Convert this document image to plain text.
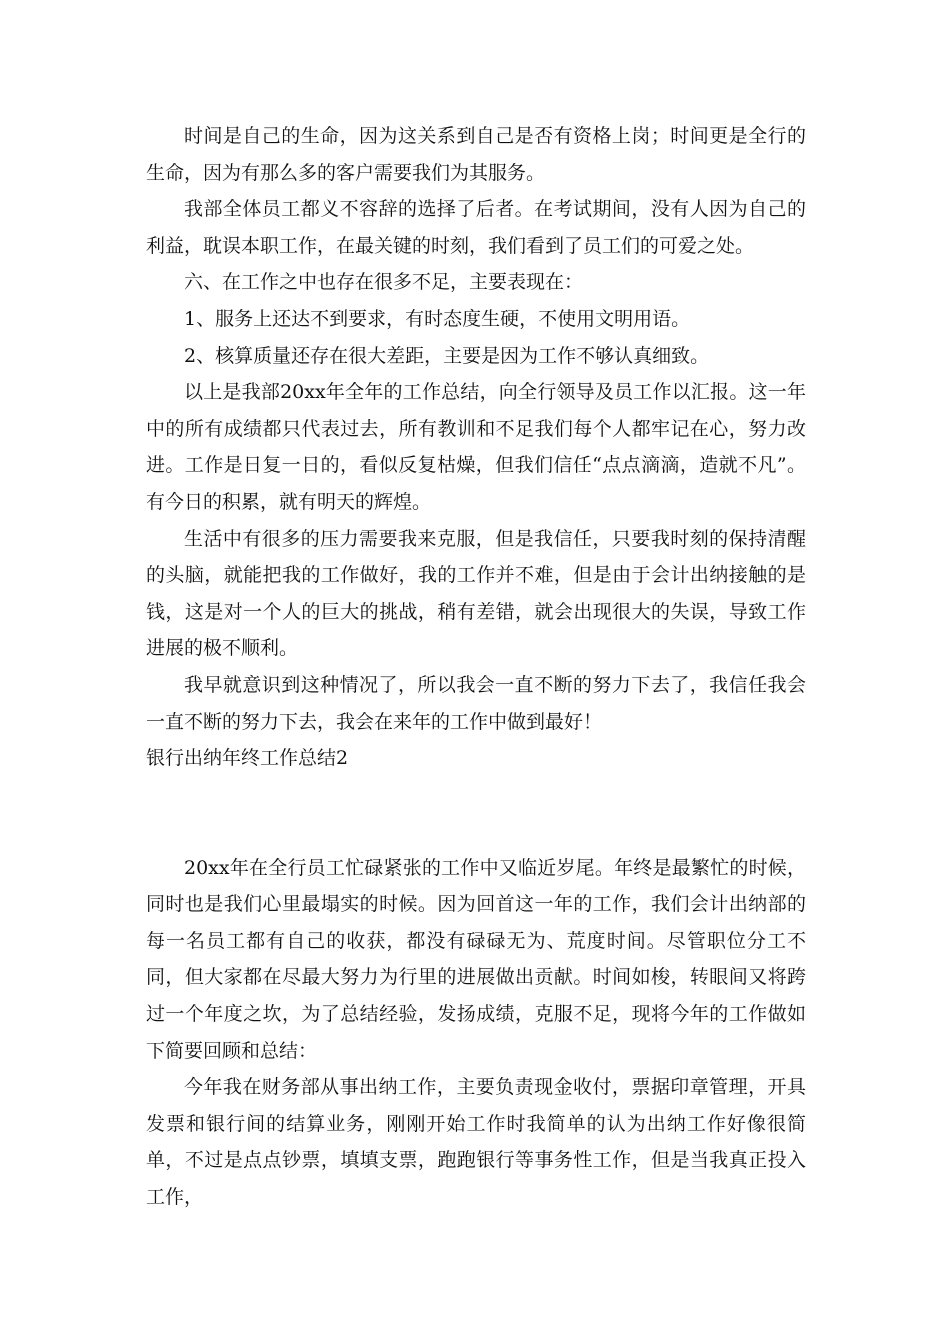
时间是自己的生命，因为这关系到自己是否有资格上岗；时间更是全行的生命，因为有那么多的客户需要我们为其服务。

我部全体员工都义不容辞的选择了后者。在考试期间，没有人因为自己的利益，耽误本职工作，在最关键的时刻，我们看到了员工们的可爱之处。

六、在工作之中也存在很多不足，主要表现在：

1、服务上还达不到要求，有时态度生硬，不使用文明用语。

2、核算质量还存在很大差距，主要是因为工作不够认真细致。

以上是我部20xx年全年的工作总结，向全行领导及员工作以汇报。这一年中的所有成绩都只代表过去，所有教训和不足我们每个人都牢记在心，努力改进。工作是日复一日的，看似反复枯燥，但我们信任“点点滴滴，造就不凡”。有今日的积累，就有明天的辉煌。

生活中有很多的压力需要我来克服，但是我信任，只要我时刻的保持清醒的头脑，就能把我的工作做好，我的工作并不难，但是由于会计出纳接触的是钱，这是对一个人的巨大的挑战，稍有差错，就会出现很大的失误，导致工作进展的极不顺利。

我早就意识到这种情况了，所以我会一直不断的努力下去了，我信任我会一直不断的努力下去，我会在来年的工作中做到最好！

银行出纳年终工作总结2

20xx年在全行员工忙碌紧张的工作中又临近岁尾。年终是最繁忙的时候，同时也是我们心里最塌实的时候。因为回首这一年的工作，我们会计出纳部的每一名员工都有自己的收获，都没有碌碌无为、荒度时间。尽管职位分工不同，但大家都在尽最大努力为行里的进展做出贡献。时间如梭，转眼间又将跨过一个年度之坎，为了总结经验，发扬成绩，克服不足，现将今年的工作做如下简要回顾和总结：

今年我在财务部从事出纳工作，主要负责现金收付，票据印章管理，开具发票和银行间的结算业务，刚刚开始工作时我简单的认为出纳工作好像很简单，不过是点点钞票，填填支票，跑跑银行等事务性工作，但是当我真正投入工作，
